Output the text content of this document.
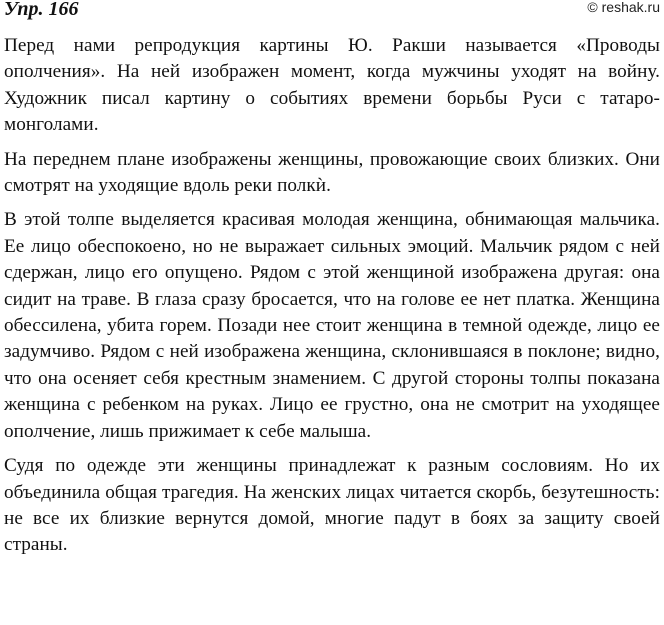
Упр. 166	© reshak.ru

Перед нами репродукция картины Ю. Ракши называется «Проводы ополчения». На ней изображен момент, когда мужчины уходят на войну. Художник писал картину о событиях времени борьбы Руси с татаро-монголами.

На переднем плане изображены женщины, провожающие своих близких. Они смотрят на уходящие вдоль реки полкѝ.

В этой толпе выделяется красивая молодая женщина, обнимающая мальчика. Ее лицо обеспокоено, но не выражает сильных эмоций. Мальчик рядом с ней сдержан, лицо его опущено. Рядом с этой женщиной изображена другая: она сидит на траве. В глаза сразу бросается, что на голове ее нет платка. Женщина обессилена, убита горем. Позади нее стоит женщина в темной одежде, лицо ее задумчиво. Рядом с ней изображена женщина, склонившаяся в поклоне; видно, что она осеняет себя крестным знамением. С другой стороны толпы показана женщина с ребенком на руках. Лицо ее грустно, она не смотрит на уходящее ополчение, лишь прижимает к себе малыша.

Судя по одежде эти женщины принадлежат к разным сословиям. Но их объединила общая трагедия. На женских лицах читается скорбь, безутешность: не все их близкие вернутся домой, многие падут в боях за защиту своей страны.
